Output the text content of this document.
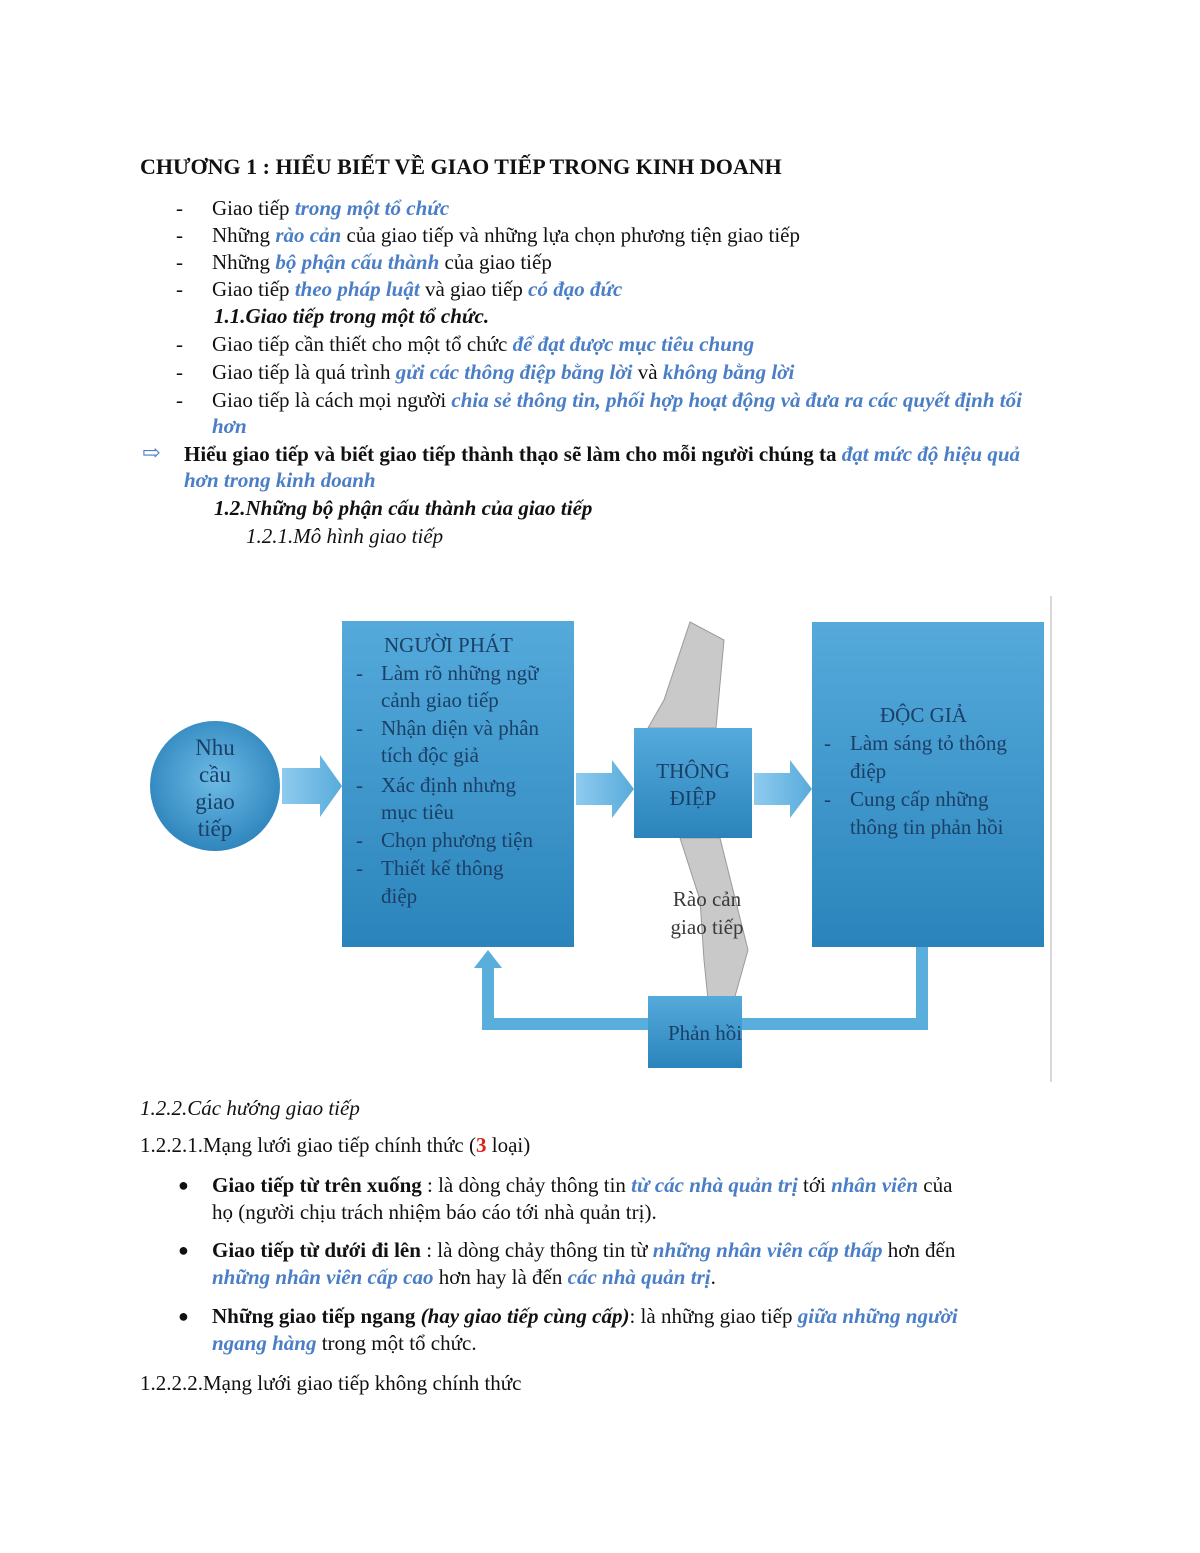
CHƯƠNG 1 : HIỂU BIẾT VỀ GIAO TIẾP TRONG KINH DOANH
- Giao tiếp trong một tổ chức
- Những rào cản của giao tiếp và những lựa chọn phương tiện giao tiếp
- Những bộ phận cấu thành của giao tiếp
- Giao tiếp theo pháp luật và giao tiếp có đạo đức
1.1.Giao tiếp trong một tổ chức.
- Giao tiếp cần thiết cho một tổ chức để đạt được mục tiêu chung
- Giao tiếp là quá trình gửi các thông điệp bằng lời và không bằng lời
- Giao tiếp là cách mọi người chia sẻ thông tin, phối hợp hoạt động và đưa ra các quyết định tối hơn
⇨ Hiểu giao tiếp và biết giao tiếp thành thạo sẽ làm cho mỗi người chúng ta đạt mức độ hiệu quả hơn trong kinh doanh
1.2.Những bộ phận cấu thành của giao tiếp
1.2.1.Mô hình giao tiếp
Nhu
cầu
giao
tiếp
NGƯỜI PHÁT
- Làm rõ những ngữ
cảnh giao tiếp
- Nhận diện và phân
tích độc giả
- Xác định nhưng
mục tiêu
- Chọn phương tiện
- Thiết kế thông
điệp
THÔNG
ĐIỆP
Rào cản
giao tiếp
ĐỘC GIẢ
- Làm sáng tỏ thông
điệp
- Cung cấp những
thông tin phản hồi
Phản hồi
1.2.2.Các hướng giao tiếp
1.2.2.1.Mạng lưới giao tiếp chính thức (3 loại)
● Giao tiếp từ trên xuống : là dòng chảy thông tin từ các nhà quản trị tới nhân viên của
họ (người chịu trách nhiệm báo cáo tới nhà quản trị).
● Giao tiếp từ dưới đi lên : là dòng chảy thông tin từ những nhân viên cấp thấp hơn đến
những nhân viên cấp cao hơn hay là đến các nhà quản trị.
● Những giao tiếp ngang (hay giao tiếp cùng cấp): là những giao tiếp giữa những người
ngang hàng trong một tổ chức.
1.2.2.2.Mạng lưới giao tiếp không chính thức
